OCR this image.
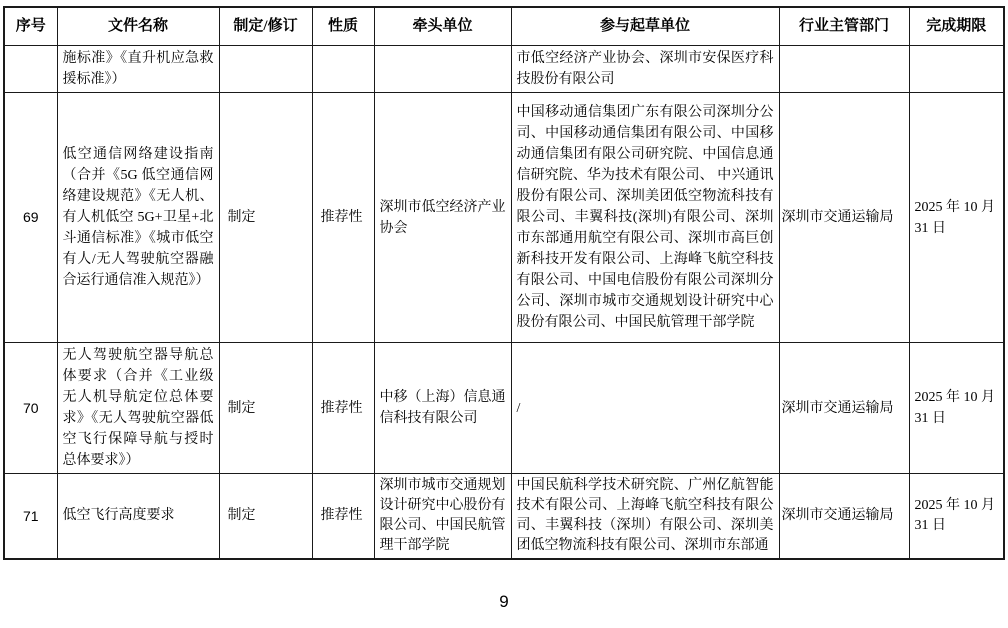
序号	文件名称	制定/修订	性质	牵头单位	参与起草单位	行业主管部门	完成期限
	施标准》《直升机应急救援标准》）				市低空经济产业协会、深圳市安保医疗科技股份有限公司		
69	低空通信网络建设指南（合并《5G 低空通信网络建设规范》《无人机、有人机低空 5G+卫星+北斗通信标准》《城市低空有人/无人驾驶航空器融合运行通信准入规范》）	制定	推荐性	深圳市低空经济产业协会	中国移动通信集团广东有限公司深圳分公司、中国移动通信集团有限公司、中国移动通信集团有限公司研究院、中国信息通信研究院、华为技术有限公司、 中兴通讯股份有限公司、深圳美团低空物流科技有限公司、丰翼科技(深圳)有限公司、深圳市东部通用航空有限公司、深圳市高巨创新科技开发有限公司、上海峰飞航空科技有限公司、中国电信股份有限公司深圳分公司、深圳市城市交通规划设计研究中心股份有限公司、中国民航管理干部学院	深圳市交通运输局	2025 年 10 月 31 日
70	无人驾驶航空器导航总体要求（合并《工业级无人机导航定位总体要求》《无人驾驶航空器低空飞行保障导航与授时总体要求》）	制定	推荐性	中移（上海）信息通信科技有限公司	/	深圳市交通运输局	2025 年 10 月 31 日
71	低空飞行高度要求	制定	推荐性	深圳市城市交通规划设计研究中心股份有限公司、中国民航管理干部学院	中国民航科学技术研究院、广州亿航智能技术有限公司、上海峰飞航空科技有限公司、丰翼科技（深圳）有限公司、深圳美团低空物流科技有限公司、深圳市东部通	深圳市交通运输局	2025 年 10 月 31 日
9
